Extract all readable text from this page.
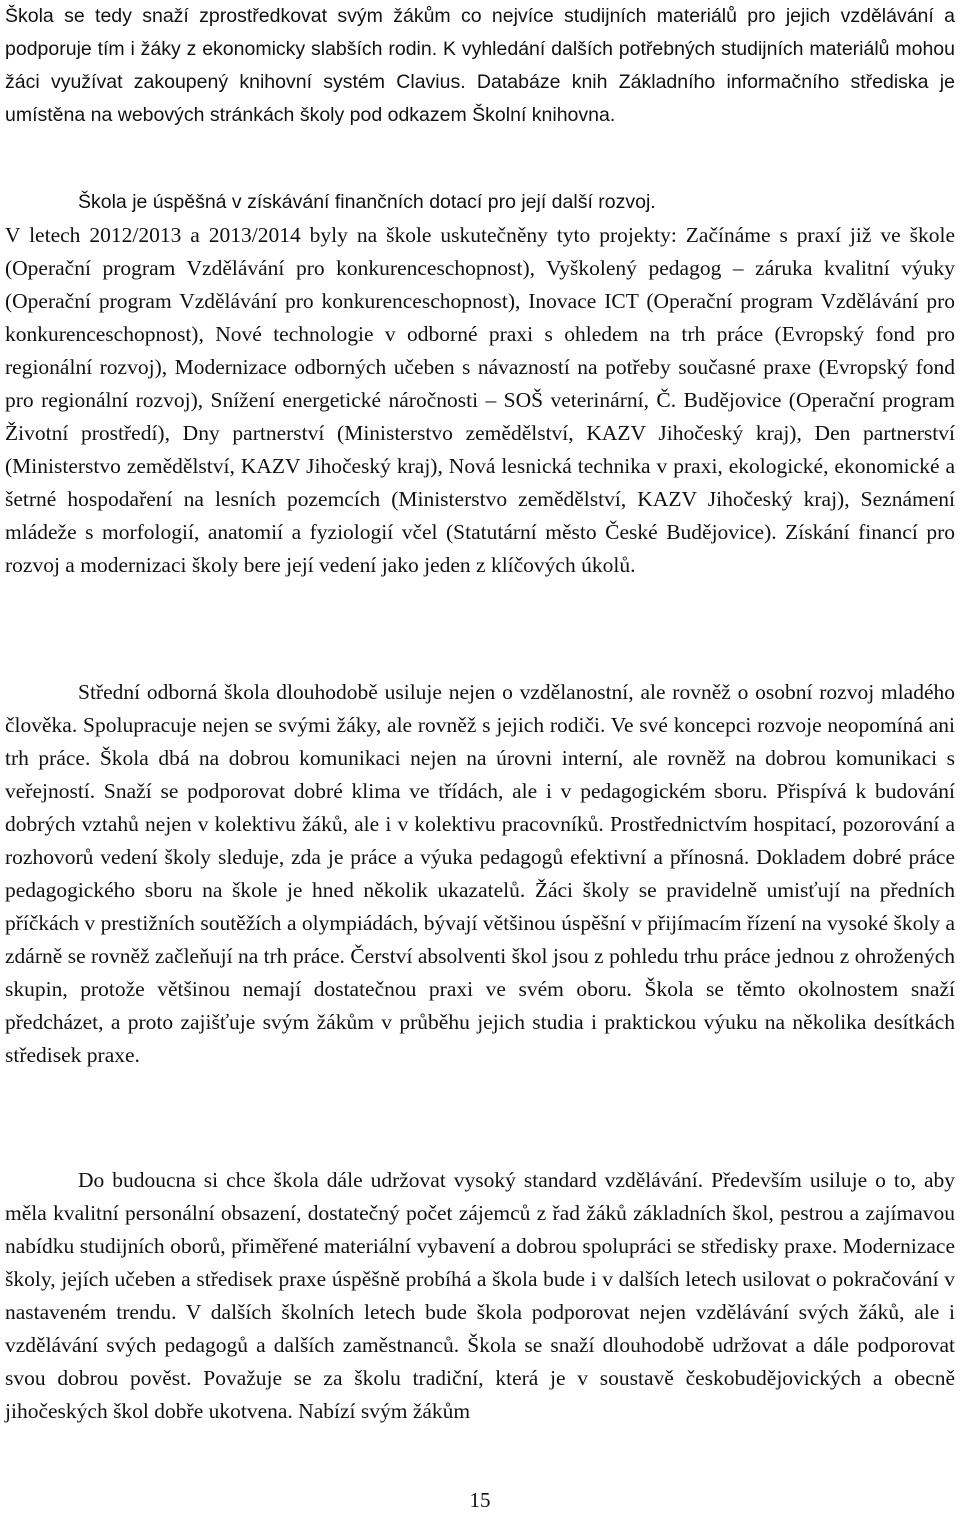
Škola se tedy snaží zprostředkovat svým žákům co nejvíce studijních materiálů pro jejich vzdělávání a podporuje tím i žáky z ekonomicky slabších rodin. K vyhledání dalších potřebných studijních materiálů mohou žáci využívat zakoupený knihovní systém Clavius. Databáze knih Základního informačního střediska je umístěna na webových stránkách školy pod odkazem Školní knihovna.

Škola je úspěšná v získávání finančních dotací pro její další rozvoj.

V letech 2012/2013 a 2013/2014 byly na škole uskutečněny tyto projekty: Začínáme s praxí již ve škole (Operační program Vzdělávání pro konkurenceschopnost), Vyškolený pedagog – záruka kvalitní výuky (Operační program Vzdělávání pro konkurenceschopnost), Inovace ICT (Operační program Vzdělávání pro konkurenceschopnost), Nové technologie v odborné praxi s ohledem na trh práce (Evropský fond pro regionální rozvoj), Modernizace odborných učeben s návazností na potřeby současné praxe (Evropský fond pro regionální rozvoj), Snížení energetické náročnosti – SOŠ veterinární, Č. Budějovice (Operační program Životní prostředí), Dny partnerství (Ministerstvo zemědělství, KAZV Jihočeský kraj), Den partnerství (Ministerstvo zemědělství, KAZV Jihočeský kraj), Nová lesnická technika v praxi, ekologické, ekonomické a šetrné hospodaření na lesních pozemcích (Ministerstvo zemědělství, KAZV Jihočeský kraj), Seznámení mládeže s morfologií, anatomií a fyziologií včel (Statutární město České Budějovice). Získání financí pro rozvoj a modernizaci školy bere její vedení jako jeden z klíčových úkolů.

Střední odborná škola dlouhodobě usiluje nejen o vzdělanostní, ale rovněž o osobní rozvoj mladého člověka. Spolupracuje nejen se svými žáky, ale rovněž s jejich rodiči. Ve své koncepci rozvoje neopomíná ani trh práce. Škola dbá na dobrou komunikaci nejen na úrovni interní, ale rovněž na dobrou komunikaci s veřejností. Snaží se podporovat dobré klima ve třídách, ale i v pedagogickém sboru. Přispívá k budování dobrých vztahů nejen v kolektivu žáků, ale i v kolektivu pracovníků. Prostřednictvím hospitací, pozorování a rozhovorů vedení školy sleduje, zda je práce a výuka pedagogů efektivní a přínosná. Dokladem dobré práce pedagogického sboru na škole je hned několik ukazatelů. Žáci školy se pravidelně umisťují na předních příčkách v prestižních soutěžích a olympiádách, bývají většinou úspěšní v přijímacím řízení na vysoké školy a zdárně se rovněž začleňují na trh práce. Čerství absolventi škol jsou z pohledu trhu práce jednou z ohrožených skupin, protože většinou nemají dostatečnou praxi ve svém oboru. Škola se těmto okolnostem snaží předcházet, a proto zajišťuje svým žákům v průběhu jejich studia i praktickou výuku na několika desítkách středisek praxe.

Do budoucna si chce škola dále udržovat vysoký standard vzdělávání. Především usiluje o to, aby měla kvalitní personální obsazení, dostatečný počet zájemců z řad žáků základních škol, pestrou a zajímavou nabídku studijních oborů, přiměřené materiální vybavení a dobrou spolupráci se středisky praxe. Modernizace školy, jejích učeben a středisek praxe úspěšně probíhá a škola bude i v dalších letech usilovat o pokračování v nastaveném trendu. V dalších školních letech bude škola podporovat nejen vzdělávání svých žáků, ale i vzdělávání svých pedagogů a dalších zaměstnanců. Škola se snaží dlouhodobě udržovat a dále podporovat svou dobrou pověst. Považuje se za školu tradiční, která je v soustavě českobudějovických a obecně jihočeských škol dobře ukotvena. Nabízí svým žákům

15
